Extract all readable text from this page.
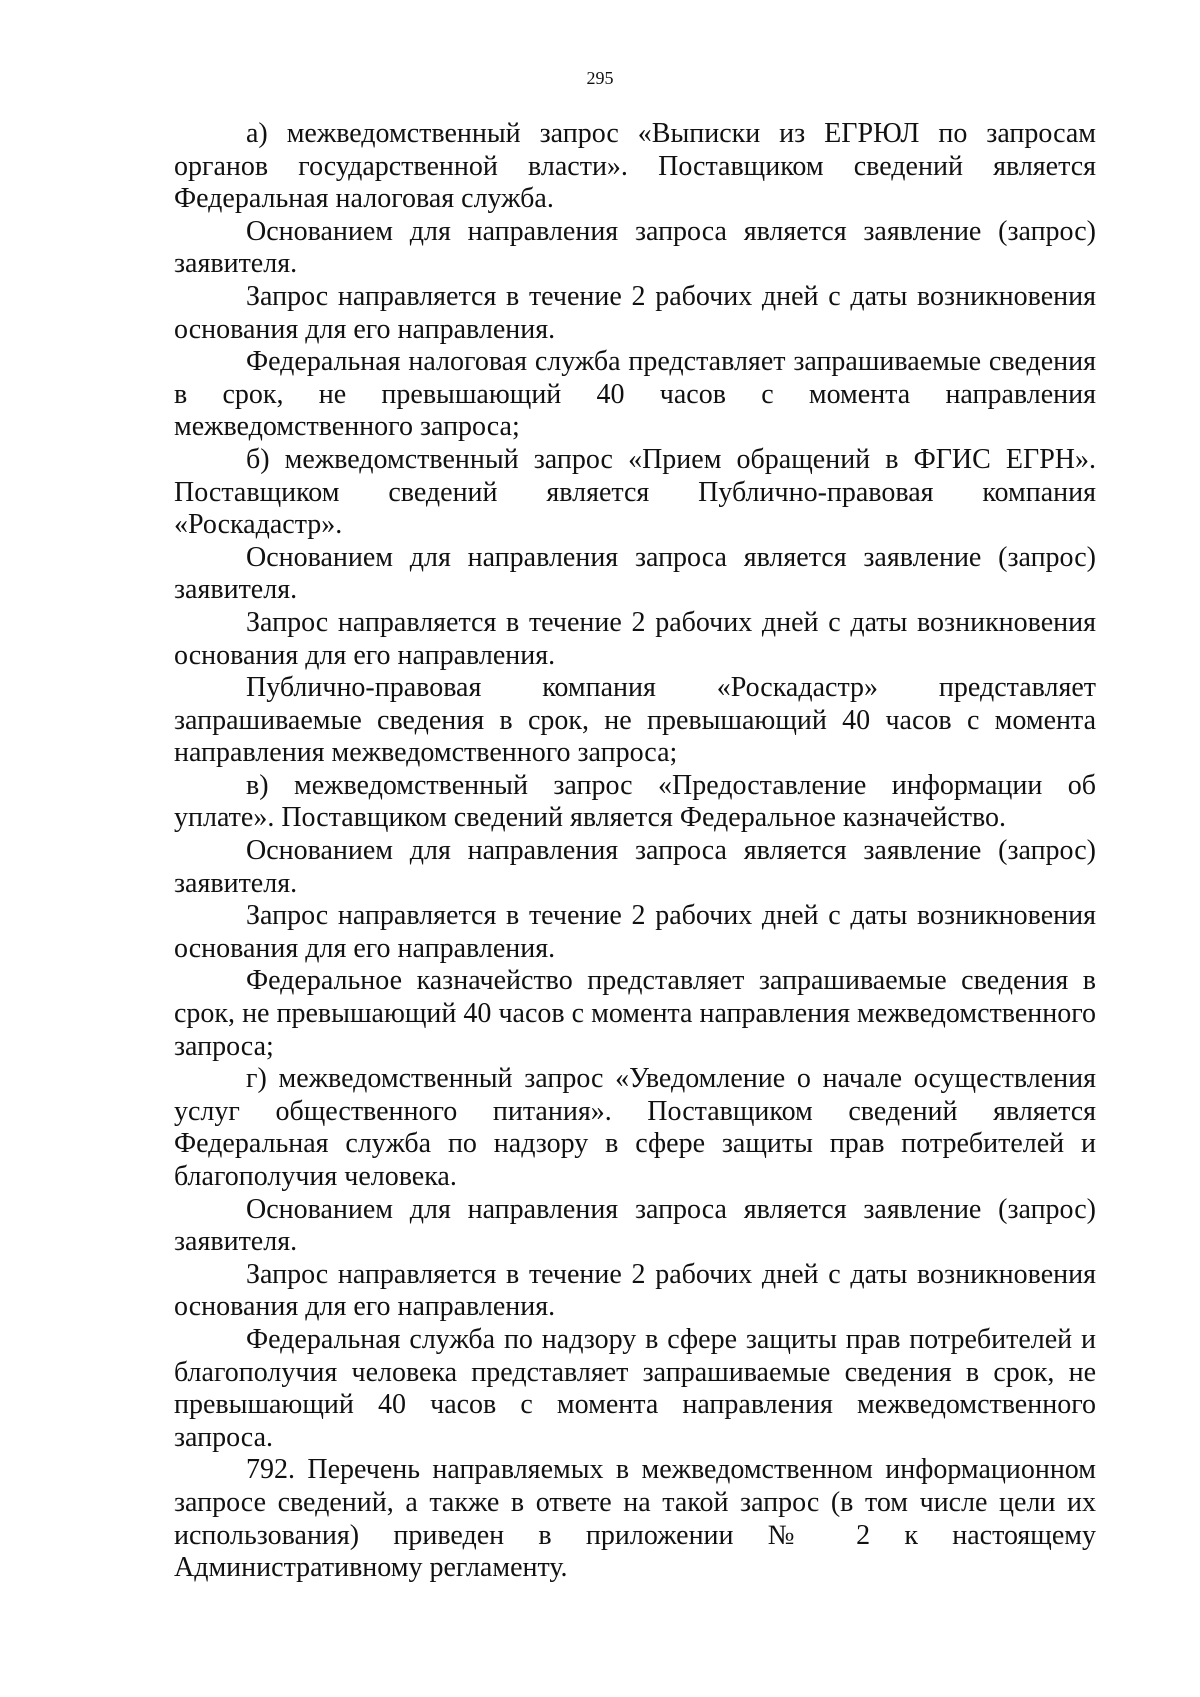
295

а) межведомственный запрос «Выписки из ЕГРЮЛ по запросам органов государственной власти». Поставщиком сведений является Федеральная налоговая служба.

Основанием для направления запроса является заявление (запрос) заявителя.

Запрос направляется в течение 2 рабочих дней с даты возникновения основания для его направления.

Федеральная налоговая служба представляет запрашиваемые сведения в срок, не превышающий 40 часов с момента направления межведомственного запроса;

б) межведомственный запрос «Прием обращений в ФГИС ЕГРН». Поставщиком сведений является Публично-правовая компания «Роскадастр».

Основанием для направления запроса является заявление (запрос) заявителя.

Запрос направляется в течение 2 рабочих дней с даты возникновения основания для его направления.

Публично-правовая компания «Роскадастр» представляет запрашиваемые сведения в срок, не превышающий 40 часов с момента направления межведомственного запроса;

в) межведомственный запрос «Предоставление информации об уплате». Поставщиком сведений является Федеральное казначейство.

Основанием для направления запроса является заявление (запрос) заявителя.

Запрос направляется в течение 2 рабочих дней с даты возникновения основания для его направления.

Федеральное казначейство представляет запрашиваемые сведения в срок, не превышающий 40 часов с момента направления межведомственного запроса;

г) межведомственный запрос «Уведомление о начале осуществления услуг общественного питания». Поставщиком сведений является Федеральная служба по надзору в сфере защиты прав потребителей и благополучия человека.

Основанием для направления запроса является заявление (запрос) заявителя.

Запрос направляется в течение 2 рабочих дней с даты возникновения основания для его направления.

Федеральная служба по надзору в сфере защиты прав потребителей и благополучия человека представляет запрашиваемые сведения в срок, не превышающий 40 часов с момента направления межведомственного запроса.

792. Перечень направляемых в межведомственном информационном запросе сведений, а также в ответе на такой запрос (в том числе цели их использования) приведен в приложении № 2 к настоящему Административному регламенту.
